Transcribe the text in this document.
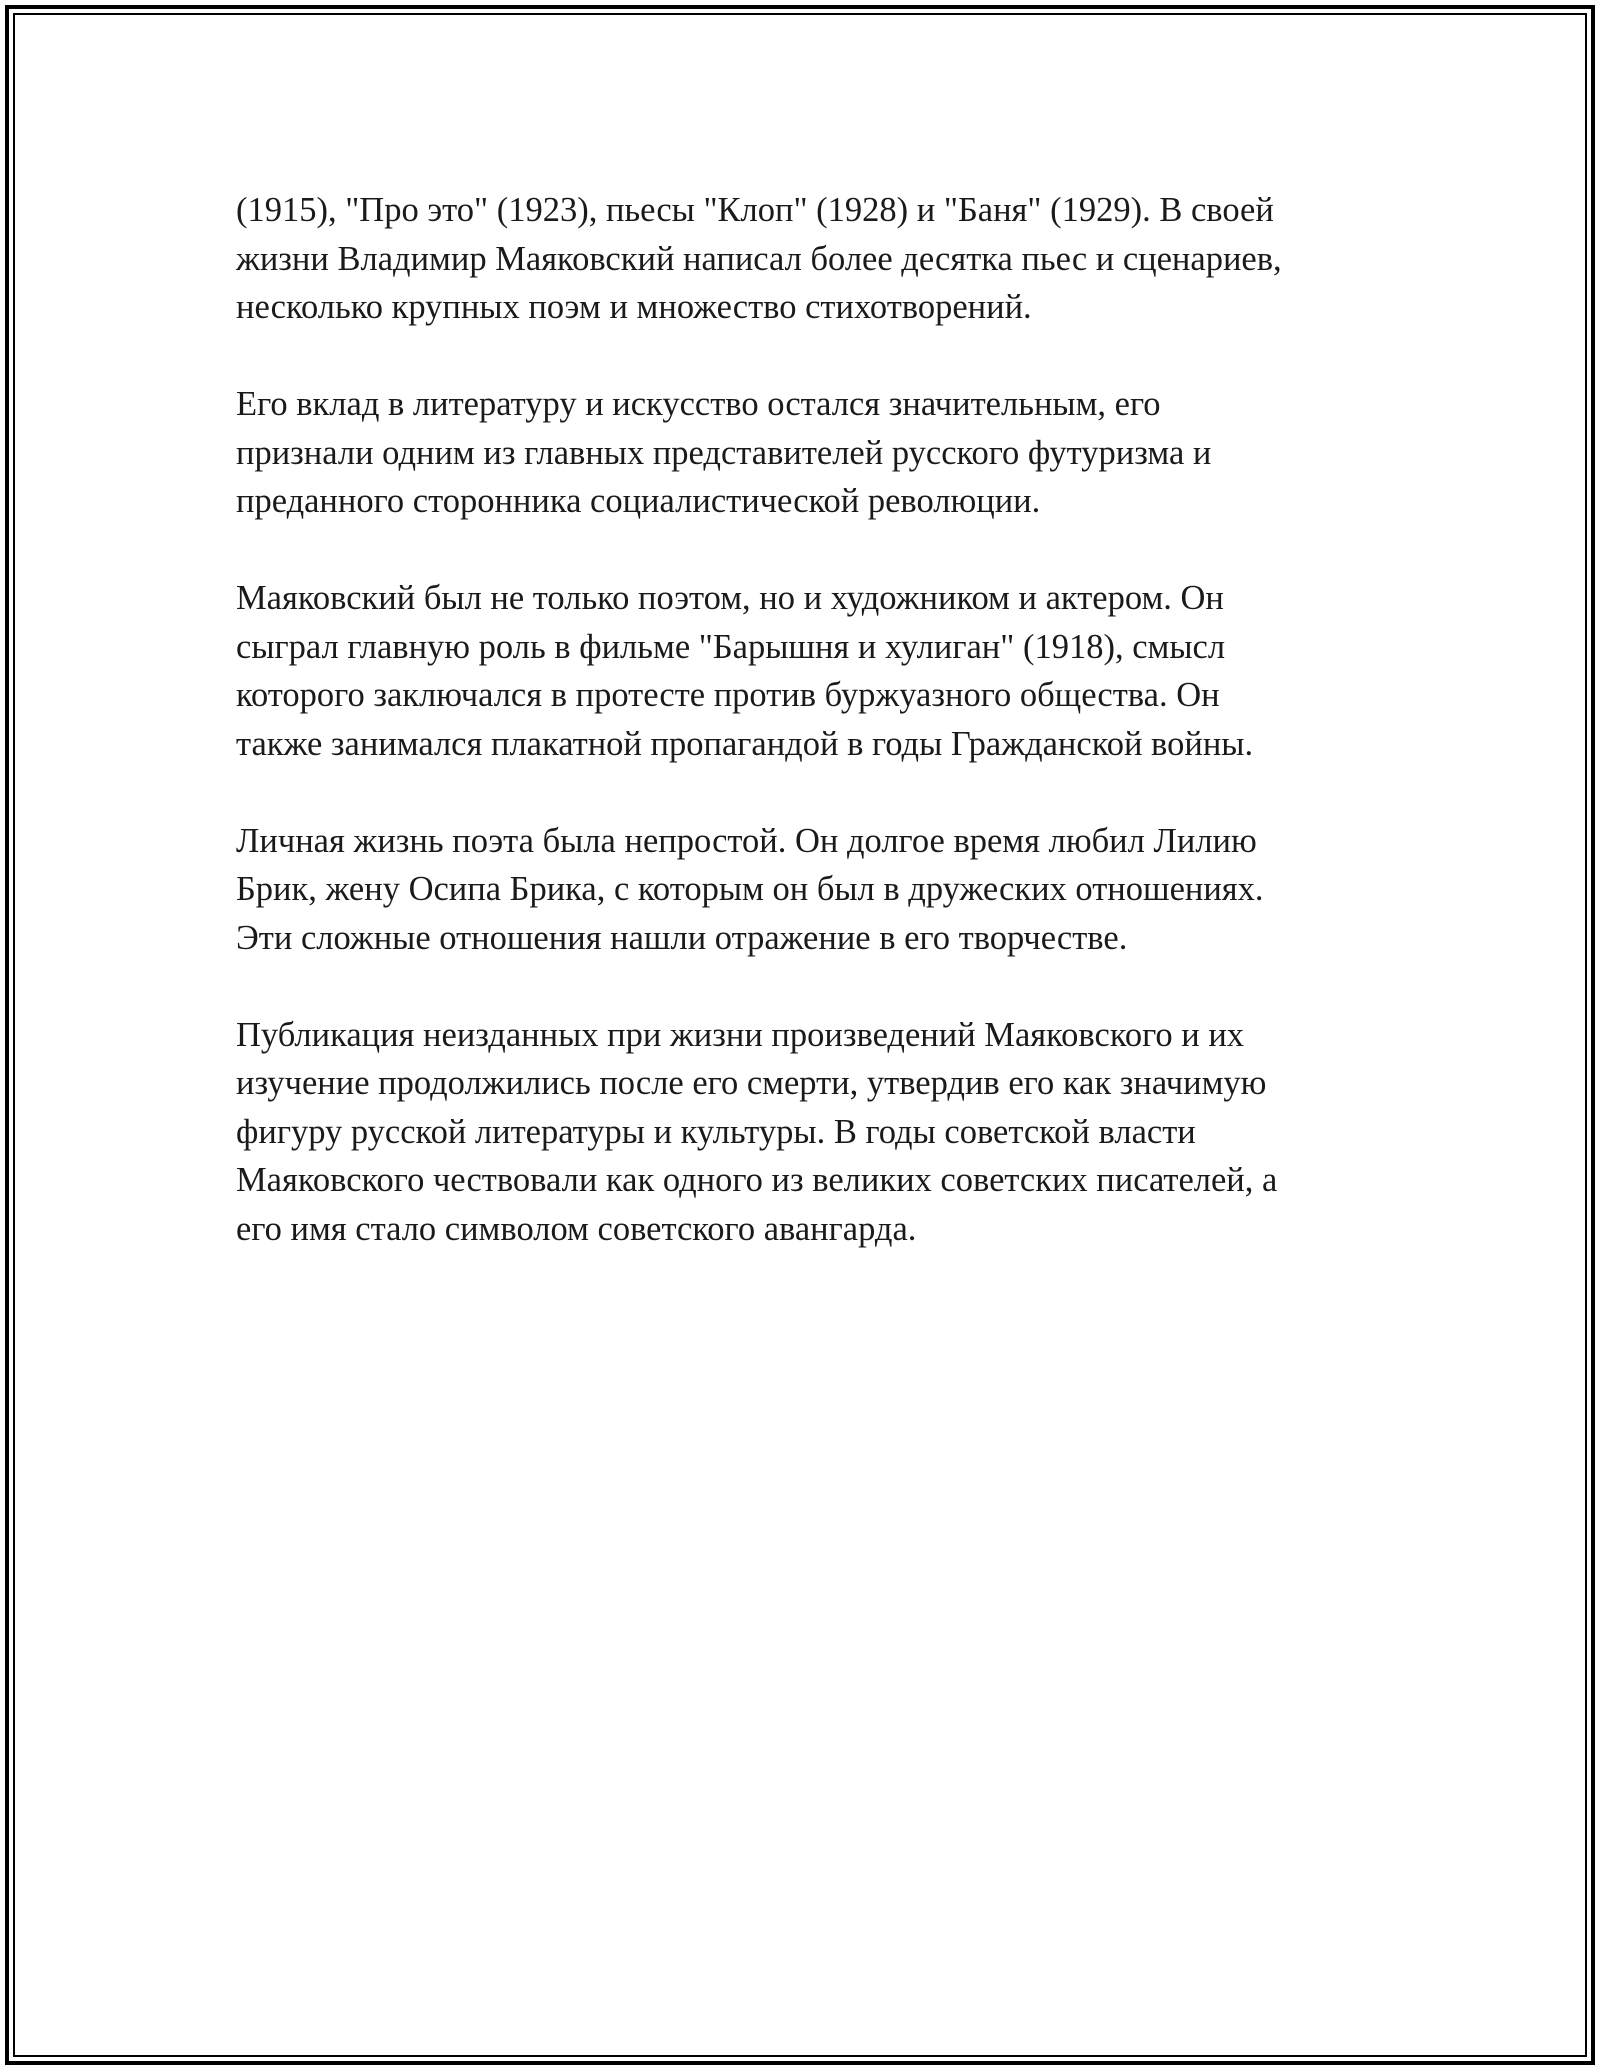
(1915), "Про это" (1923), пьесы "Клоп" (1928) и "Баня" (1929). В своей
жизни Владимир Маяковский написал более десятка пьес и сценариев,
несколько крупных поэм и множество стихотворений.

Его вклад в литературу и искусство остался значительным, его
признали одним из главных представителей русского футуризма и
преданного сторонника социалистической революции.

Маяковский был не только поэтом, но и художником и актером. Он
сыграл главную роль в фильме "Барышня и хулиган" (1918), смысл
которого заключался в протесте против буржуазного общества. Он
также занимался плакатной пропагандой в годы Гражданской войны.

Личная жизнь поэта была непростой. Он долгое время любил Лилию
Брик, жену Осипа Брика, с которым он был в дружеских отношениях.
Эти сложные отношения нашли отражение в его творчестве.

Публикация неизданных при жизни произведений Маяковского и их
изучение продолжились после его смерти, утвердив его как значимую
фигуру русской литературы и культуры. В годы советской власти
Маяковского чествовали как одного из великих советских писателей, а
его имя стало символом советского авангарда.
